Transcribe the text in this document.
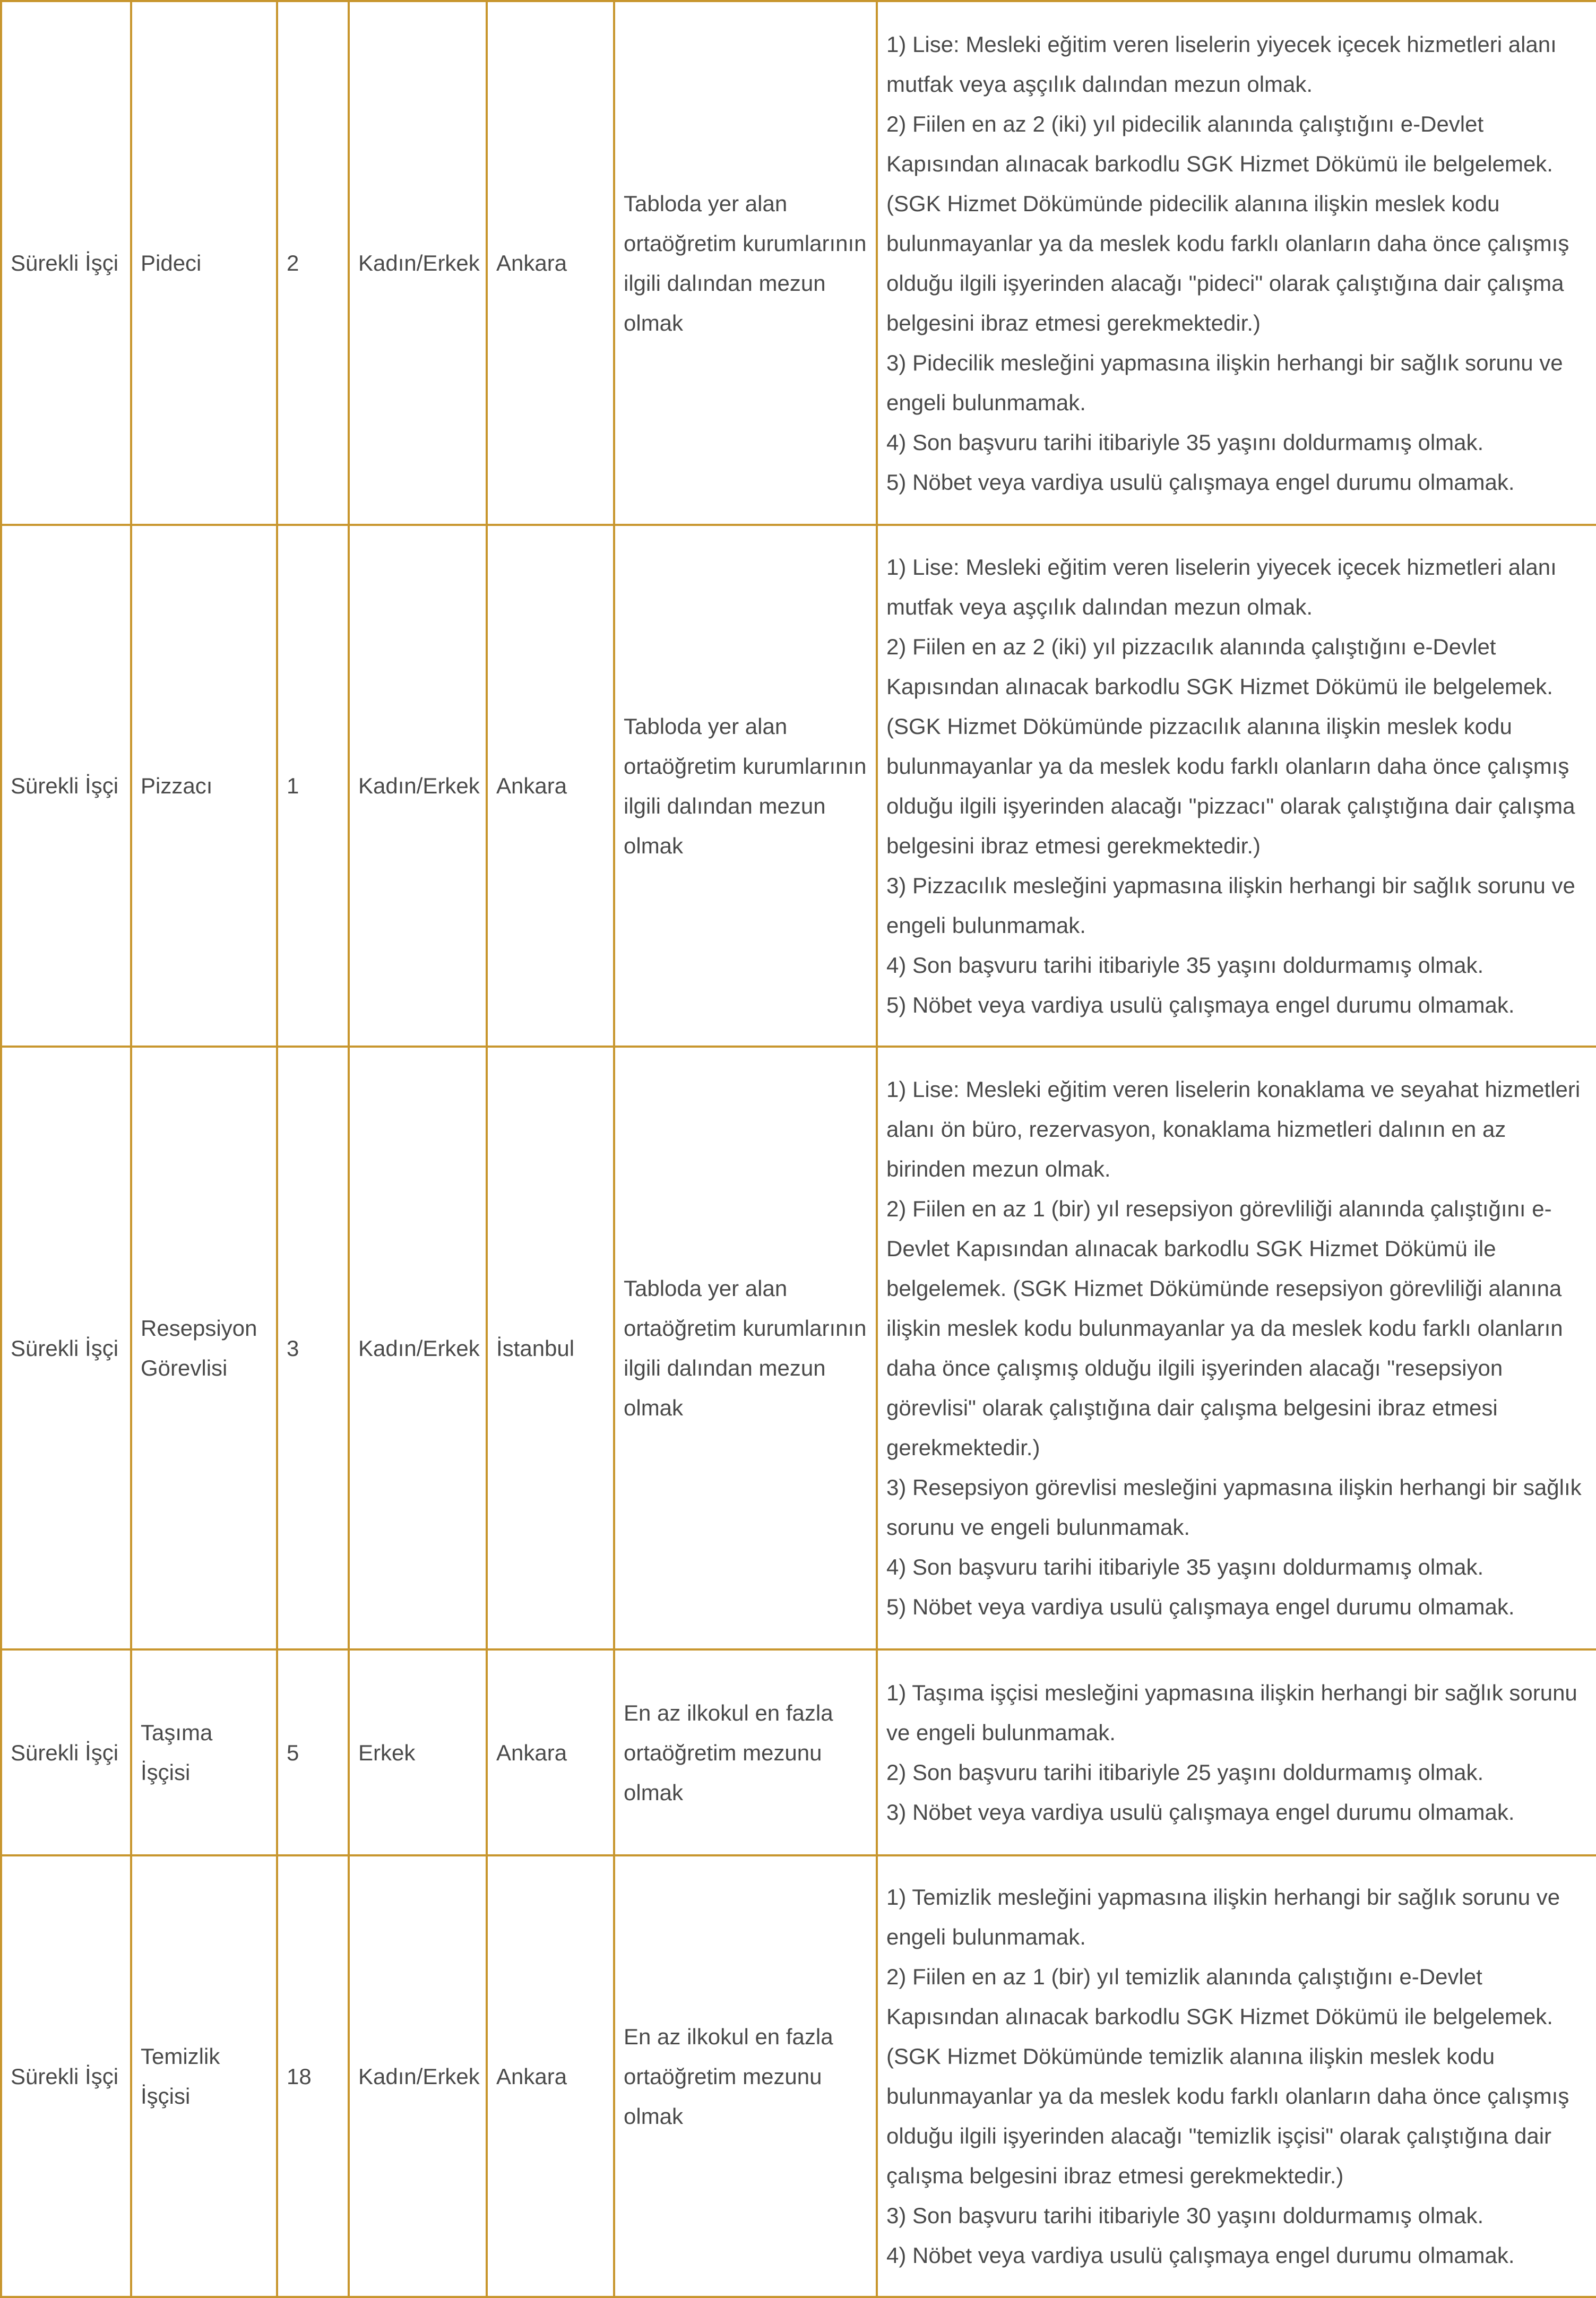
Sürekli İşçi	Pideci	2	Kadın/Erkek	Ankara	Tabloda yer alan ortaöğretim kurumlarının ilgili dalından mezun olmak	1) Lise: Mesleki eğitim veren liselerin yiyecek içecek hizmetleri alanı mutfak veya aşçılık dalından mezun olmak.
2) Fiilen en az 2 (iki) yıl pidecilik alanında çalıştığını e-Devlet Kapısından alınacak barkodlu SGK Hizmet Dökümü ile belgelemek. (SGK Hizmet Dökümünde pidecilik alanına ilişkin meslek kodu bulunmayanlar ya da meslek kodu farklı olanların daha önce çalışmış olduğu ilgili işyerinden alacağı "pideci" olarak çalıştığına dair çalışma belgesini ibraz etmesi gerekmektedir.)
3) Pidecilik mesleğini yapmasına ilişkin herhangi bir sağlık sorunu ve engeli bulunmamak.
4) Son başvuru tarihi itibariyle 35 yaşını doldurmamış olmak.
5) Nöbet veya vardiya usulü çalışmaya engel durumu olmamak.

Sürekli İşçi	Pizzacı	1	Kadın/Erkek	Ankara	Tabloda yer alan ortaöğretim kurumlarının ilgili dalından mezun olmak	1) Lise: Mesleki eğitim veren liselerin yiyecek içecek hizmetleri alanı mutfak veya aşçılık dalından mezun olmak.
2) Fiilen en az 2 (iki) yıl pizzacılık alanında çalıştığını e-Devlet Kapısından alınacak barkodlu SGK Hizmet Dökümü ile belgelemek. (SGK Hizmet Dökümünde pizzacılık alanına ilişkin meslek kodu bulunmayanlar ya da meslek kodu farklı olanların daha önce çalışmış olduğu ilgili işyerinden alacağı "pizzacı" olarak çalıştığına dair çalışma belgesini ibraz etmesi gerekmektedir.)
3) Pizzacılık mesleğini yapmasına ilişkin herhangi bir sağlık sorunu ve engeli bulunmamak.
4) Son başvuru tarihi itibariyle 35 yaşını doldurmamış olmak.
5) Nöbet veya vardiya usulü çalışmaya engel durumu olmamak.

Sürekli İşçi	Resepsiyon Görevlisi	3	Kadın/Erkek	İstanbul	Tabloda yer alan ortaöğretim kurumlarının ilgili dalından mezun olmak	1) Lise: Mesleki eğitim veren liselerin konaklama ve seyahat hizmetleri alanı ön büro, rezervasyon, konaklama hizmetleri dalının en az birinden mezun olmak.
2) Fiilen en az 1 (bir) yıl resepsiyon görevliliği alanında çalıştığını e-Devlet Kapısından alınacak barkodlu SGK Hizmet Dökümü ile belgelemek. (SGK Hizmet Dökümünde resepsiyon görevliliği alanına ilişkin meslek kodu bulunmayanlar ya da meslek kodu farklı olanların daha önce çalışmış olduğu ilgili işyerinden alacağı "resepsiyon görevlisi" olarak çalıştığına dair çalışma belgesini ibraz etmesi gerekmektedir.)
3) Resepsiyon görevlisi mesleğini yapmasına ilişkin herhangi bir sağlık sorunu ve engeli bulunmamak.
4) Son başvuru tarihi itibariyle 35 yaşını doldurmamış olmak.
5) Nöbet veya vardiya usulü çalışmaya engel durumu olmamak.

Sürekli İşçi	Taşıma İşçisi	5	Erkek	Ankara	En az ilkokul en fazla ortaöğretim mezunu olmak	1) Taşıma işçisi mesleğini yapmasına ilişkin herhangi bir sağlık sorunu ve engeli bulunmamak.
2) Son başvuru tarihi itibariyle 25 yaşını doldurmamış olmak.
3) Nöbet veya vardiya usulü çalışmaya engel durumu olmamak.

Sürekli İşçi	Temizlik İşçisi	18	Kadın/Erkek	Ankara	En az ilkokul en fazla ortaöğretim mezunu olmak	1) Temizlik mesleğini yapmasına ilişkin herhangi bir sağlık sorunu ve engeli bulunmamak.
2) Fiilen en az 1 (bir) yıl temizlik alanında çalıştığını e-Devlet Kapısından alınacak barkodlu SGK Hizmet Dökümü ile belgelemek. (SGK Hizmet Dökümünde temizlik alanına ilişkin meslek kodu bulunmayanlar ya da meslek kodu farklı olanların daha önce çalışmış olduğu ilgili işyerinden alacağı "temizlik işçisi" olarak çalıştığına dair çalışma belgesini ibraz etmesi gerekmektedir.)
3) Son başvuru tarihi itibariyle 30 yaşını doldurmamış olmak.
4) Nöbet veya vardiya usulü çalışmaya engel durumu olmamak.
